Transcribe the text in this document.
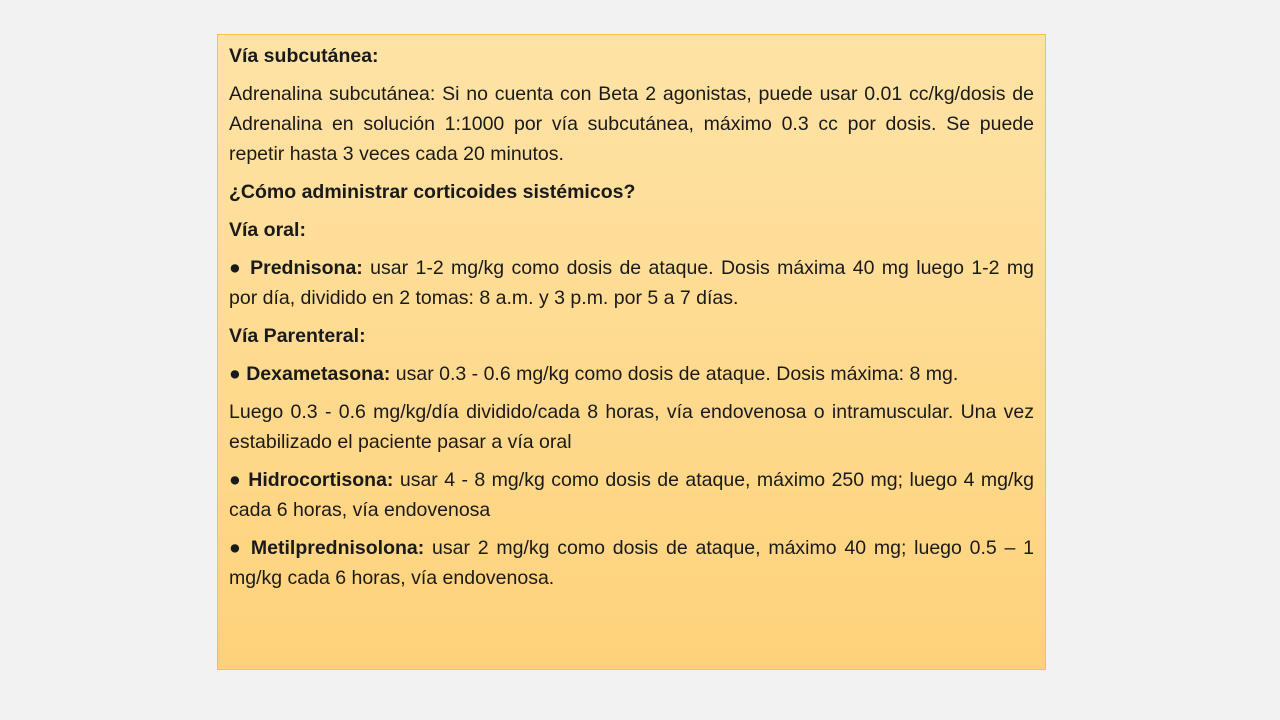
Vía subcutánea:

Adrenalina subcutánea: Si no cuenta con Beta 2 agonistas, puede usar 0.01 cc/kg/dosis de Adrenalina en solución 1:1000 por vía subcutánea, máximo 0.3 cc por dosis. Se puede repetir hasta 3 veces cada 20 minutos.

¿Cómo administrar corticoides sistémicos?

Vía oral:

● Prednisona: usar 1-2 mg/kg como dosis de ataque. Dosis máxima 40 mg luego 1-2 mg por día, dividido en 2 tomas: 8 a.m. y 3 p.m. por 5 a 7 días.

Vía Parenteral:

● Dexametasona: usar 0.3 - 0.6 mg/kg como dosis de ataque. Dosis máxima: 8 mg.

Luego 0.3 - 0.6 mg/kg/día dividido/cada 8 horas, vía endovenosa o intramuscular. Una vez estabilizado el paciente pasar a vía oral

● Hidrocortisona: usar 4 - 8 mg/kg como dosis de ataque, máximo 250 mg; luego 4 mg/kg cada 6 horas, vía endovenosa

● Metilprednisolona: usar 2 mg/kg como dosis de ataque, máximo 40 mg; luego 0.5 – 1 mg/kg cada 6 horas, vía endovenosa.
